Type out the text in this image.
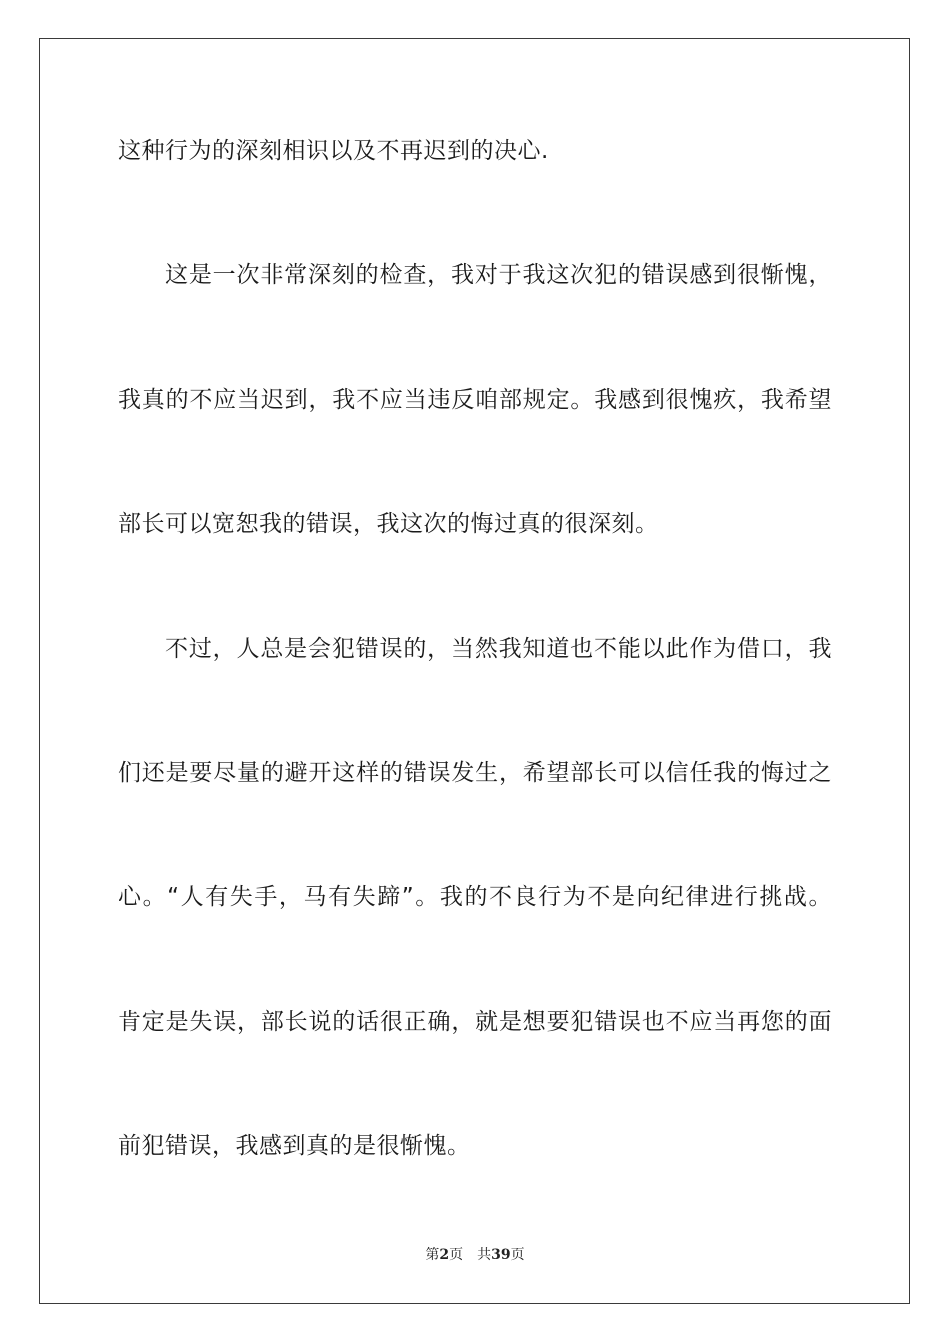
这种行为的深刻相识以及不再迟到的决心.
这是一次非常深刻的检查，我对于我这次犯的错误感到很惭愧，
我真的不应当迟到，我不应当违反咱部规定。我感到很愧疚，我希望
部长可以宽恕我的错误，我这次的悔过真的很深刻。
不过，人总是会犯错误的，当然我知道也不能以此作为借口，我
们还是要尽量的避开这样的错误发生，希望部长可以信任我的悔过之
心。“人有失手，马有失蹄”。我的不良行为不是向纪律进行挑战。
肯定是失误，部长说的话很正确，就是想要犯错误也不应当再您的面
前犯错误，我感到真的是很惭愧。
第2页 共39页
